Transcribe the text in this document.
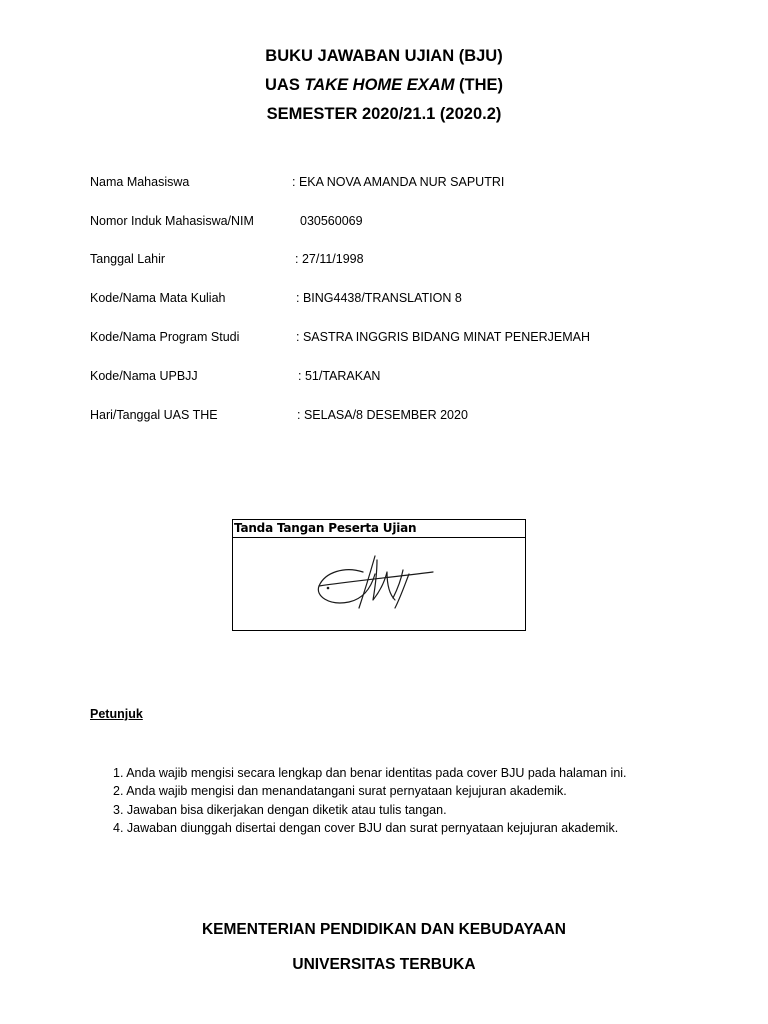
BUKU JAWABAN UJIAN (BJU)
UAS TAKE HOME EXAM (THE)
SEMESTER 2020/21.1 (2020.2)
Nama Mahasiswa	: EKA NOVA AMANDA NUR SAPUTRI
Nomor Induk Mahasiswa/NIM	030560069
Tanggal Lahir	: 27/11/1998
Kode/Nama Mata Kuliah	: BING4438/TRANSLATION 8
Kode/Nama Program Studi	: SASTRA INGGRIS BIDANG MINAT PENERJEMAH
Kode/Nama UPBJJ	: 51/TARAKAN
Hari/Tanggal UAS THE	: SELASA/8 DESEMBER 2020
Tanda Tangan Peserta Ujian
Petunjuk
1. Anda wajib mengisi secara lengkap dan benar identitas pada cover BJU pada halaman ini.
2. Anda wajib mengisi dan menandatangani surat pernyataan kejujuran akademik.
3. Jawaban bisa dikerjakan dengan diketik atau tulis tangan.
4. Jawaban diunggah disertai dengan cover BJU dan surat pernyataan kejujuran akademik.
KEMENTERIAN PENDIDIKAN DAN KEBUDAYAAN
UNIVERSITAS TERBUKA
